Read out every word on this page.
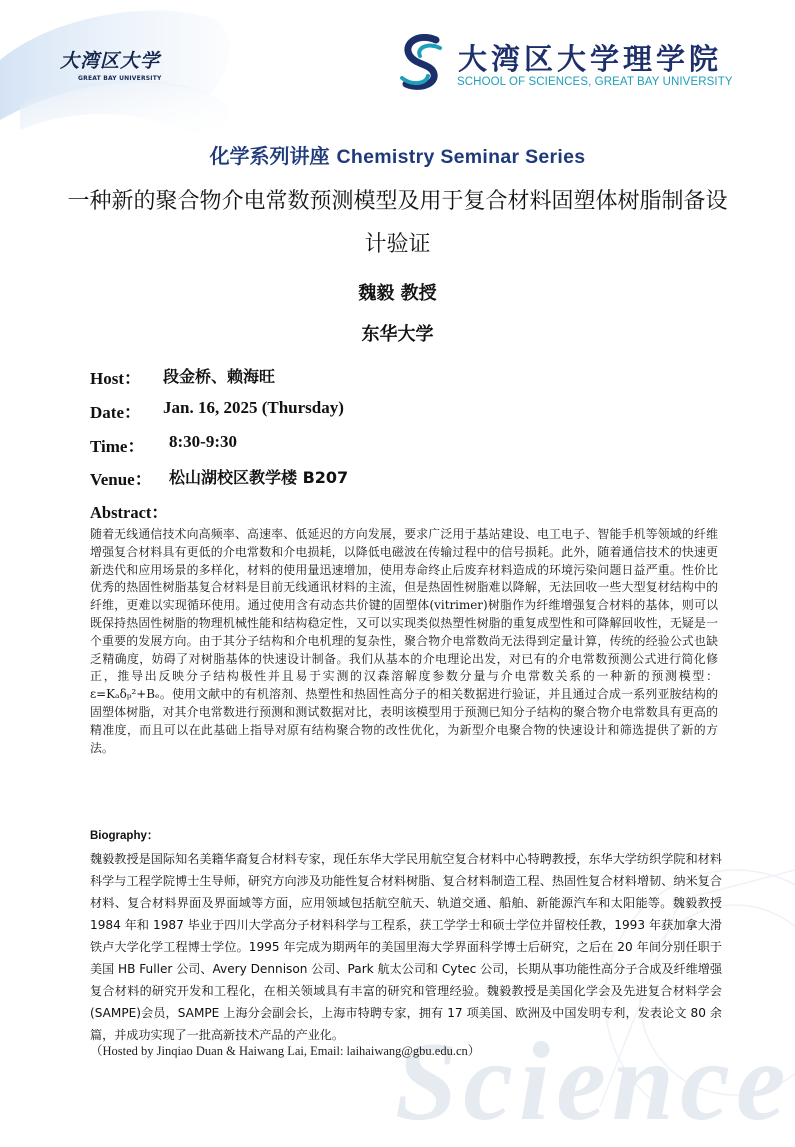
Science
大湾区大学
GREAT BAY UNIVERSITY
大湾区大学理学院
SCHOOL OF SCIENCES, GREAT BAY UNIVERSITY
化学系列讲座 Chemistry Seminar Series
一种新的聚合物介电常数预测模型及用于复合材料固塑体树脂制备设计验证
魏毅 教授
东华大学
Host： 段金桥、赖海旺
Date： Jan. 16, 2025 (Thursday)
Time： 8:30-9:30
Venue： 松山湖校区教学楼 B207
Abstract：
随着无线通信技术向高频率、高速率、低延迟的方向发展，要求广泛用于基站建设、电工电子、智能手机等领域的纤维增强复合材料具有更低的介电常数和介电损耗，以降低电磁波在传输过程中的信号损耗。此外，随着通信技术的快速更新迭代和应用场景的多样化，材料的使用量迅速增加，使用寿命终止后废弃材料造成的环境污染问题日益严重。性价比优秀的热固性树脂基复合材料是目前无线通讯材料的主流，但是热固性树脂难以降解，无法回收一些大型复材结构中的纤维，更难以实现循环使用。通过使用含有动态共价键的固塑体(vitrimer)树脂作为纤维增强复合材料的基体，则可以既保持热固性树脂的物理机械性能和结构稳定性，又可以实现类似热塑性树脂的重复成型性和可降解回收性，无疑是一个重要的发展方向。由于其分子结构和介电机理的复杂性，聚合物介电常数尚无法得到定量计算，传统的经验公式也缺乏精确度，妨碍了对树脂基体的快速设计制备。我们从基本的介电理论出发，对已有的介电常数预测公式进行简化修正，推导出反映分子结构极性并且易于实测的汉森溶解度参数分量与介电常数关系的一种新的预测模型：ε=Kₐδₚ²+Bₑ。使用文献中的有机溶剂、热塑性和热固性高分子的相关数据进行验证，并且通过合成一系列亚胺结构的固塑体树脂，对其介电常数进行预测和测试数据对比，表明该模型用于预测已知分子结构的聚合物介电常数具有更高的精准度，而且可以在此基础上指导对原有结构聚合物的改性优化，为新型介电聚合物的快速设计和筛选提供了新的方法。
Biography：
魏毅教授是国际知名美籍华裔复合材料专家，现任东华大学民用航空复合材料中心特聘教授，东华大学纺织学院和材料科学与工程学院博士生导师，研究方向涉及功能性复合材料树脂、复合材料制造工程、热固性复合材料增韧、纳米复合材料、复合材料界面及界面域等方面，应用领域包括航空航天、轨道交通、船舶、新能源汽车和太阳能等。魏毅教授 1984 年和 1987 毕业于四川大学高分子材料科学与工程系，获工学学士和硕士学位并留校任教，1993 年获加拿大滑铁卢大学化学工程博士学位。1995 年完成为期两年的美国里海大学界面科学博士后研究，之后在 20 年间分别任职于美国 HB Fuller 公司、Avery Dennison 公司、Park 航太公司和 Cytec 公司，长期从事功能性高分子合成及纤维增强复合材料的研究开发和工程化，在相关领域具有丰富的研究和管理经验。魏毅教授是美国化学会及先进复合材料学会(SAMPE)会员，SAMPE 上海分会副会长，上海市特聘专家，拥有 17 项美国、欧洲及中国发明专利，发表论文 80 余篇，并成功实现了一批高新技术产品的产业化。
（Hosted by Jinqiao Duan & Haiwang Lai, Email: laihaiwang@gbu.edu.cn）
